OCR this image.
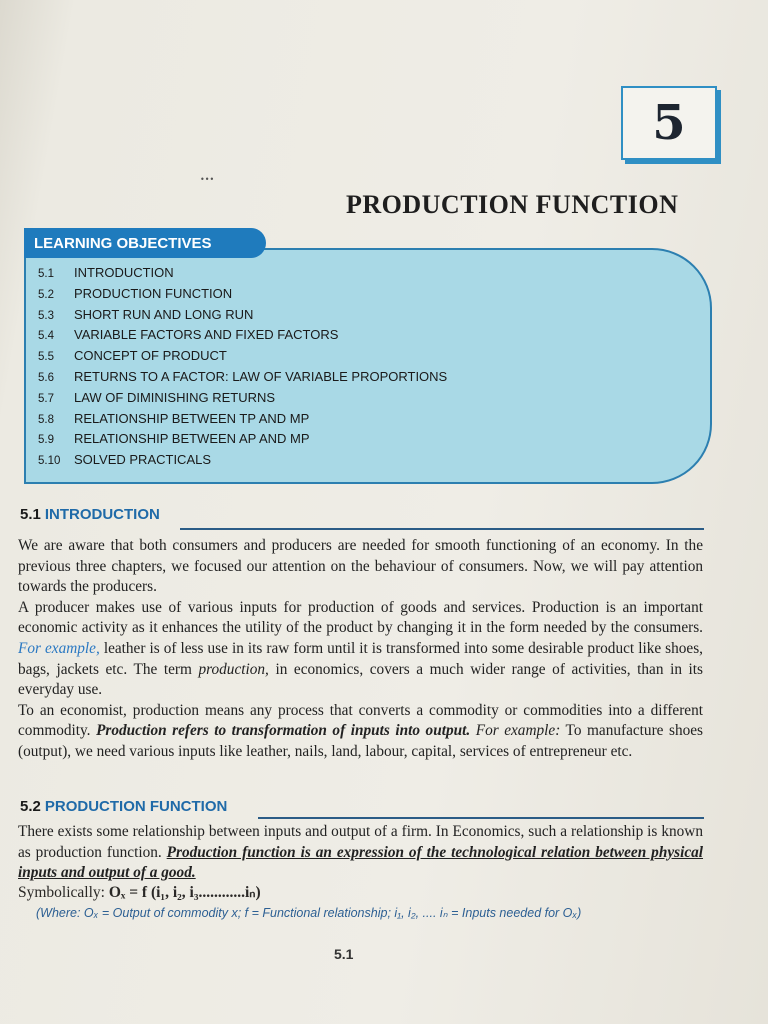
•••
5
PRODUCTION FUNCTION
LEARNING OBJECTIVES
5.1 INTRODUCTION
5.2 PRODUCTION FUNCTION
5.3 SHORT RUN AND LONG RUN
5.4 VARIABLE FACTORS AND FIXED FACTORS
5.5 CONCEPT OF PRODUCT
5.6 RETURNS TO A FACTOR: LAW OF VARIABLE PROPORTIONS
5.7 LAW OF DIMINISHING RETURNS
5.8 RELATIONSHIP BETWEEN TP AND MP
5.9 RELATIONSHIP BETWEEN AP AND MP
5.10 SOLVED PRACTICALS
5.1 INTRODUCTION

We are aware that both consumers and producers are needed for smooth functioning of an economy. In the previous three chapters, we focused our attention on the behaviour of consumers. Now, we will pay attention towards the producers.

A producer makes use of various inputs for production of goods and services. Production is an important economic activity as it enhances the utility of the product by changing it in the form needed by the consumers. For example, leather is of less use in its raw form until it is transformed into some desirable product like shoes, bags, jackets etc. The term production, in economics, covers a much wider range of activities, than in its everyday use.

To an economist, production means any process that converts a commodity or commodities into a different commodity. Production refers to transformation of inputs into output. For example: To manufacture shoes (output), we need various inputs like leather, nails, land, labour, capital, services of entrepreneur etc.

5.2 PRODUCTION FUNCTION

There exists some relationship between inputs and output of a firm. In Economics, such a relationship is known as production function. Production function is an expression of the technological relation between physical inputs and output of a good.

Symbolically: Oₓ = f (i₁, i₂, i₃............iₙ)
(Where: Oₓ = Output of commodity x; f = Functional relationship; i₁, i₂, .... iₙ = Inputs needed for Oₓ)
5.1
